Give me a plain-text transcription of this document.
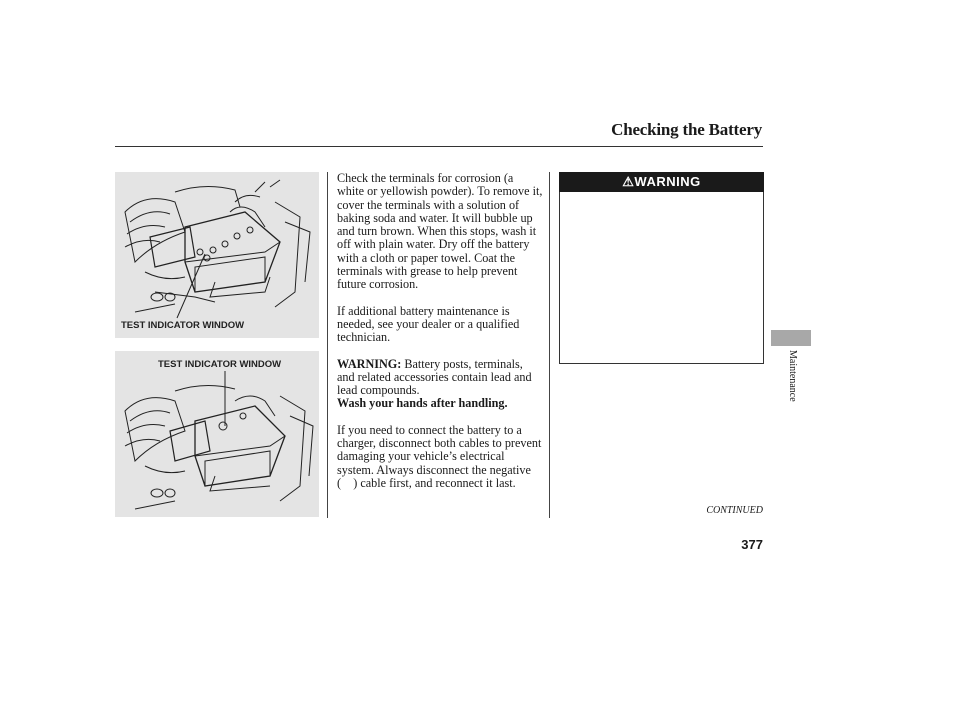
Checking the Battery
TEST INDICATOR WINDOW
TEST INDICATOR WINDOW

Check the terminals for corrosion (a white or yellowish powder). To remove it, cover the terminals with a solution of baking soda and water. It will bubble up and turn brown. When this stops, wash it off with plain water. Dry off the battery with a cloth or paper towel. Coat the terminals with grease to help prevent future corrosion.

If additional battery maintenance is needed, see your dealer or a qualified technician.

WARNING: Battery posts, terminals, and related accessories contain lead and lead compounds.
Wash your hands after handling.

If you need to connect the battery to a charger, disconnect both cables to prevent damaging your vehicle’s electrical system. Always disconnect the negative (  ) cable first, and reconnect it last.

⚠WARNING
CONTINUED
377
Maintenance
